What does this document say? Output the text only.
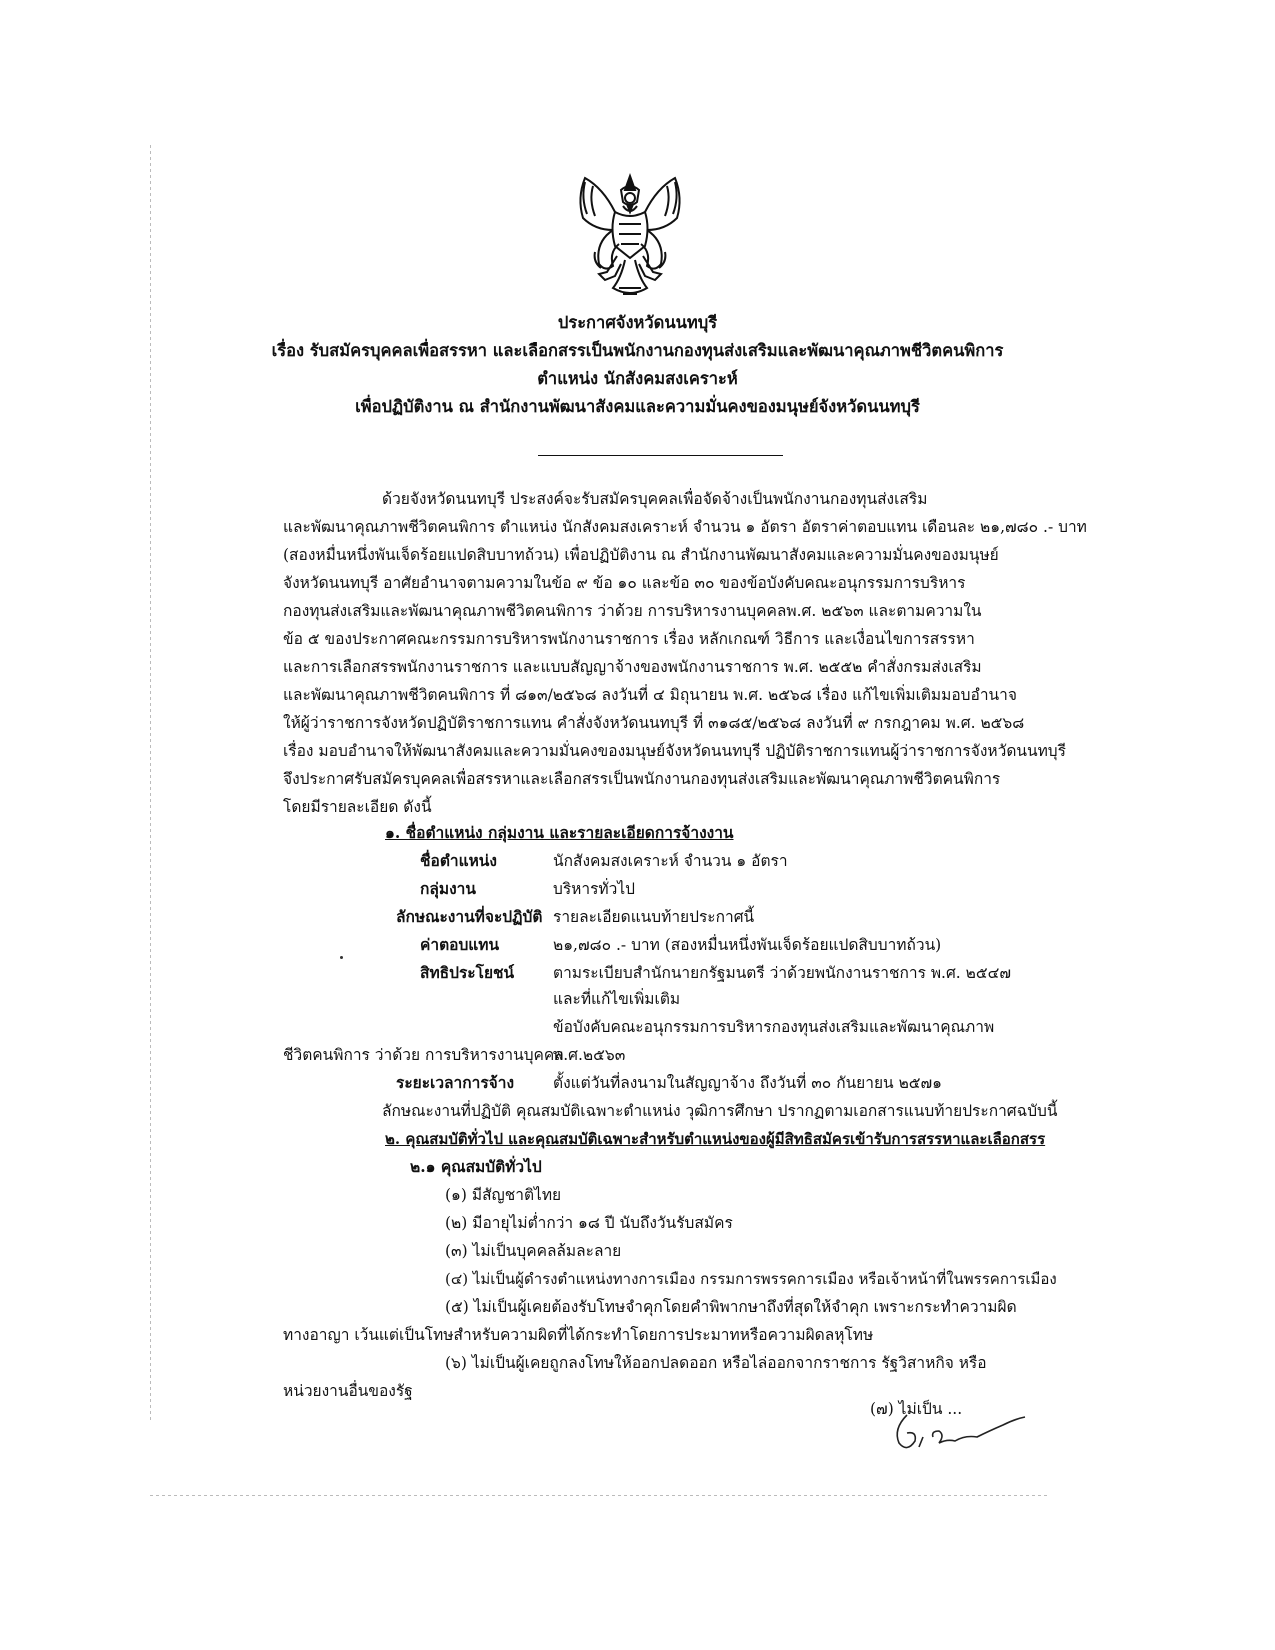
ประกาศจังหวัดนนทบุรี
เรื่อง รับสมัครบุคคลเพื่อสรรหา และเลือกสรรเป็นพนักงานกองทุนส่งเสริมและพัฒนาคุณภาพชีวิตคนพิการ
ตำแหน่ง นักสังคมสงเคราะห์
เพื่อปฏิบัติงาน ณ สำนักงานพัฒนาสังคมและความมั่นคงของมนุษย์จังหวัดนนทบุรี
ด้วยจังหวัดนนทบุรี ประสงค์จะรับสมัครบุคคลเพื่อจัดจ้างเป็นพนักงานกองทุนส่งเสริม
และพัฒนาคุณภาพชีวิตคนพิการ ตำแหน่ง นักสังคมสงเคราะห์ จำนวน ๑ อัตรา อัตราค่าตอบแทน เดือนละ ๒๑,๗๘๐ .- บาท
(สองหมื่นหนึ่งพันเจ็ดร้อยแปดสิบบาทถ้วน) เพื่อปฏิบัติงาน ณ สำนักงานพัฒนาสังคมและความมั่นคงของมนุษย์
จังหวัดนนทบุรี อาศัยอำนาจตามความในข้อ ๙ ข้อ ๑๐ และข้อ ๓๐ ของข้อบังคับคณะอนุกรรมการบริหาร
กองทุนส่งเสริมและพัฒนาคุณภาพชีวิตคนพิการ ว่าด้วย การบริหารงานบุคคลพ.ศ. ๒๕๖๓ และตามความใน
ข้อ ๕ ของประกาศคณะกรรมการบริหารพนักงานราชการ เรื่อง หลักเกณฑ์ วิธีการ และเงื่อนไขการสรรหา
และการเลือกสรรพนักงานราชการ และแบบสัญญาจ้างของพนักงานราชการ พ.ศ. ๒๕๕๒ คำสั่งกรมส่งเสริม
และพัฒนาคุณภาพชีวิตคนพิการ ที่ ๘๑๓/๒๕๖๘ ลงวันที่ ๔ มิถุนายน พ.ศ. ๒๕๖๘ เรื่อง แก้ไขเพิ่มเติมมอบอำนาจ
ให้ผู้ว่าราชการจังหวัดปฏิบัติราชการแทน คำสั่งจังหวัดนนทบุรี ที่ ๓๑๘๕/๒๕๖๘ ลงวันที่ ๙ กรกฎาคม พ.ศ. ๒๕๖๘
เรื่อง มอบอำนาจให้พัฒนาสังคมและความมั่นคงของมนุษย์จังหวัดนนทบุรี ปฏิบัติราชการแทนผู้ว่าราชการจังหวัดนนทบุรี
จึงประกาศรับสมัครบุคคลเพื่อสรรหาและเลือกสรรเป็นพนักงานกองทุนส่งเสริมและพัฒนาคุณภาพชีวิตคนพิการ
โดยมีรายละเอียด ดังนี้
๑. ชื่อตำแหน่ง กลุ่มงาน และรายละเอียดการจ้างงาน
ชื่อตำแหน่ง	นักสังคมสงเคราะห์ จำนวน ๑ อัตรา
กลุ่มงาน	บริหารทั่วไป
ลักษณะงานที่จะปฏิบัติ รายละเอียดแนบท้ายประกาศนี้
ค่าตอบแทน	๒๑,๗๘๐ .- บาท (สองหมื่นหนึ่งพันเจ็ดร้อยแปดสิบบาทถ้วน)
สิทธิประโยชน์	ตามระเบียบสำนักนายกรัฐมนตรี ว่าด้วยพนักงานราชการ พ.ศ. ๒๕๔๗
และที่แก้ไขเพิ่มเติม
ข้อบังคับคณะอนุกรรมการบริหารกองทุนส่งเสริมและพัฒนาคุณภาพ
ชีวิตคนพิการ ว่าด้วย การบริหารงานบุคคล
พ.ศ.๒๕๖๓
ระยะเวลาการจ้าง	ตั้งแต่วันที่ลงนามในสัญญาจ้าง ถึงวันที่ ๓๐ กันยายน ๒๕๗๑
ลักษณะงานที่ปฏิบัติ คุณสมบัติเฉพาะตำแหน่ง วุฒิการศึกษา ปรากฏตามเอกสารแนบท้ายประกาศฉบับนี้
๒. คุณสมบัติทั่วไป และคุณสมบัติเฉพาะสำหรับตำแหน่งของผู้มีสิทธิสมัครเข้ารับการสรรหาและเลือกสรร
๒.๑ คุณสมบัติทั่วไป
(๑) มีสัญชาติไทย
(๒) มีอายุไม่ต่ำกว่า ๑๘ ปี นับถึงวันรับสมัคร
(๓) ไม่เป็นบุคคลล้มละลาย
(๔) ไม่เป็นผู้ดำรงตำแหน่งทางการเมือง กรรมการพรรคการเมือง หรือเจ้าหน้าที่ในพรรคการเมือง
(๕) ไม่เป็นผู้เคยต้องรับโทษจำคุกโดยคำพิพากษาถึงที่สุดให้จำคุก เพราะกระทำความผิด
ทางอาญา เว้นแต่เป็นโทษสำหรับความผิดที่ได้กระทำโดยการประมาทหรือความผิดลหุโทษ
(๖) ไม่เป็นผู้เคยถูกลงโทษให้ออกปลดออก หรือไล่ออกจากราชการ รัฐวิสาหกิจ หรือ
หน่วยงานอื่นของรัฐ
(๗) ไม่เป็น ...
